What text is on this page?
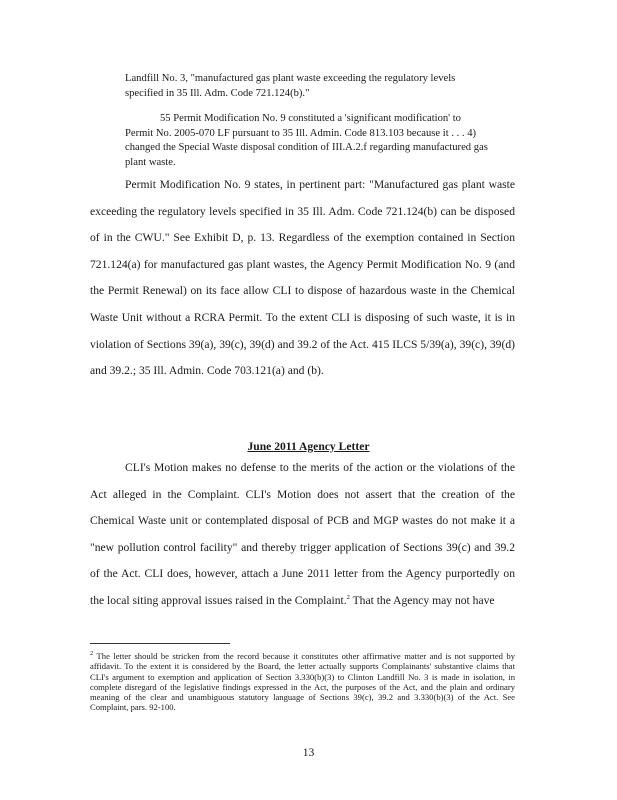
Landfill No. 3, "manufactured gas plant waste exceeding the regulatory levels specified in 35 Ill. Adm. Code 721.124(b)."
55 Permit Modification No. 9 constituted a 'significant modification' to Permit No. 2005-070 LF pursuant to 35 Ill. Admin. Code 813.103 because it . . . 4) changed the Special Waste disposal condition of III.A.2.f regarding manufactured gas plant waste.
Permit Modification No. 9 states, in pertinent part: "Manufactured gas plant waste exceeding the regulatory levels specified in 35 Ill. Adm. Code 721.124(b) can be disposed of in the CWU." See Exhibit D, p. 13. Regardless of the exemption contained in Section 721.124(a) for manufactured gas plant wastes, the Agency Permit Modification No. 9 (and the Permit Renewal) on its face allow CLI to dispose of hazardous waste in the Chemical Waste Unit without a RCRA Permit. To the extent CLI is disposing of such waste, it is in violation of Sections 39(a), 39(c), 39(d) and 39.2 of the Act. 415 ILCS 5/39(a), 39(c), 39(d) and 39.2.; 35 Ill. Admin. Code 703.121(a) and (b).
June 2011 Agency Letter
CLI's Motion makes no defense to the merits of the action or the violations of the Act alleged in the Complaint. CLI's Motion does not assert that the creation of the Chemical Waste unit or contemplated disposal of PCB and MGP wastes do not make it a "new pollution control facility" and thereby trigger application of Sections 39(c) and 39.2 of the Act. CLI does, however, attach a June 2011 letter from the Agency purportedly on the local siting approval issues raised in the Complaint.$^2$ That the Agency may not have
$^2$ The letter should be stricken from the record because it constitutes other affirmative matter and is not supported by affidavit. To the extent it is considered by the Board, the letter actually supports Complainants' substantive claims that CLI's argument to exemption and application of Section 3.330(b)(3) to Clinton Landfill No. 3 is made in isolation, in complete disregard of the legislative findings expressed in the Act, the purposes of the Act, and the plain and ordinary meaning of the clear and unambiguous statutory language of Sections 39(c), 39.2 and 3.330(b)(3) of the Act. See Complaint, pars. 92-100.
13
